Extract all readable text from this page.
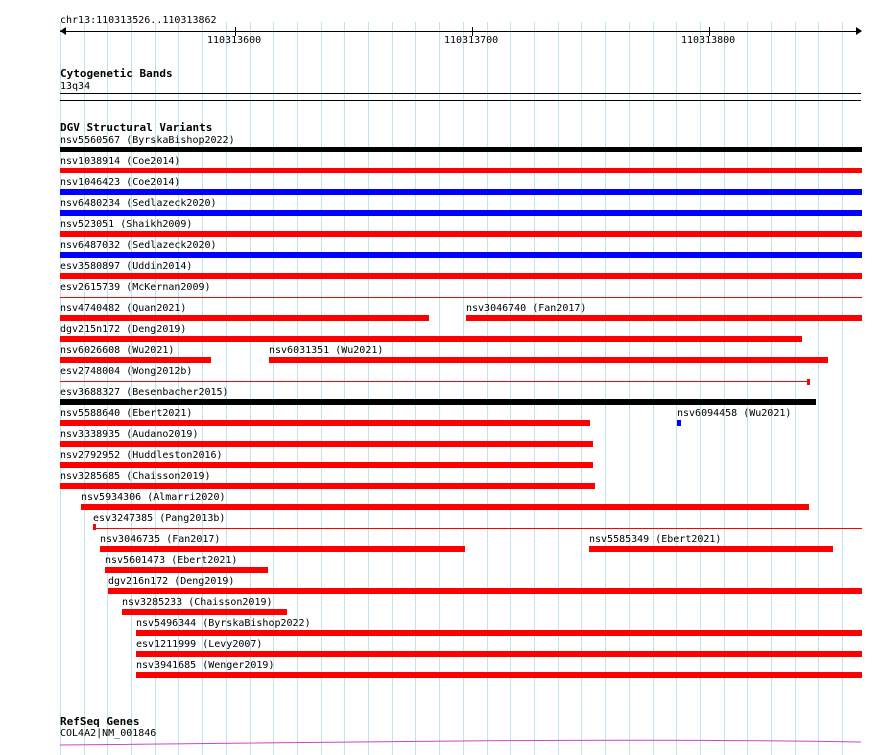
chr13:110313526..110313862
110313600	110313700	110313800
Cytogenetic Bands
13q34
DGV Structural Variants
nsv5560567 (ByrskaBishop2022)
nsv1038914 (Coe2014)
nsv1046423 (Coe2014)
nsv6480234 (Sedlazeck2020)
nsv523051 (Shaikh2009)
nsv6487032 (Sedlazeck2020)
esv3580897 (Uddin2014)
esv2615739 (McKernan2009)
nsv4740482 (Quan2021)	nsv3046740 (Fan2017)
dgv215n172 (Deng2019)
nsv6026608 (Wu2021)	nsv6031351 (Wu2021)
esv2748004 (Wong2012b)
esv3688327 (Besenbacher2015)
nsv5588640 (Ebert2021)	nsv6094458 (Wu2021)
nsv3338935 (Audano2019)
nsv2792952 (Huddleston2016)
nsv3285685 (Chaisson2019)
nsv5934306 (Almarri2020)
esv3247385 (Pang2013b)
nsv3046735 (Fan2017)	nsv5585349 (Ebert2021)
nsv5601473 (Ebert2021)
dgv216n172 (Deng2019)
nsv3285233 (Chaisson2019)
nsv5496344 (ByrskaBishop2022)
esv1211999 (Levy2007)
nsv3941685 (Wenger2019)
RefSeq Genes
COL4A2|NM_001846
